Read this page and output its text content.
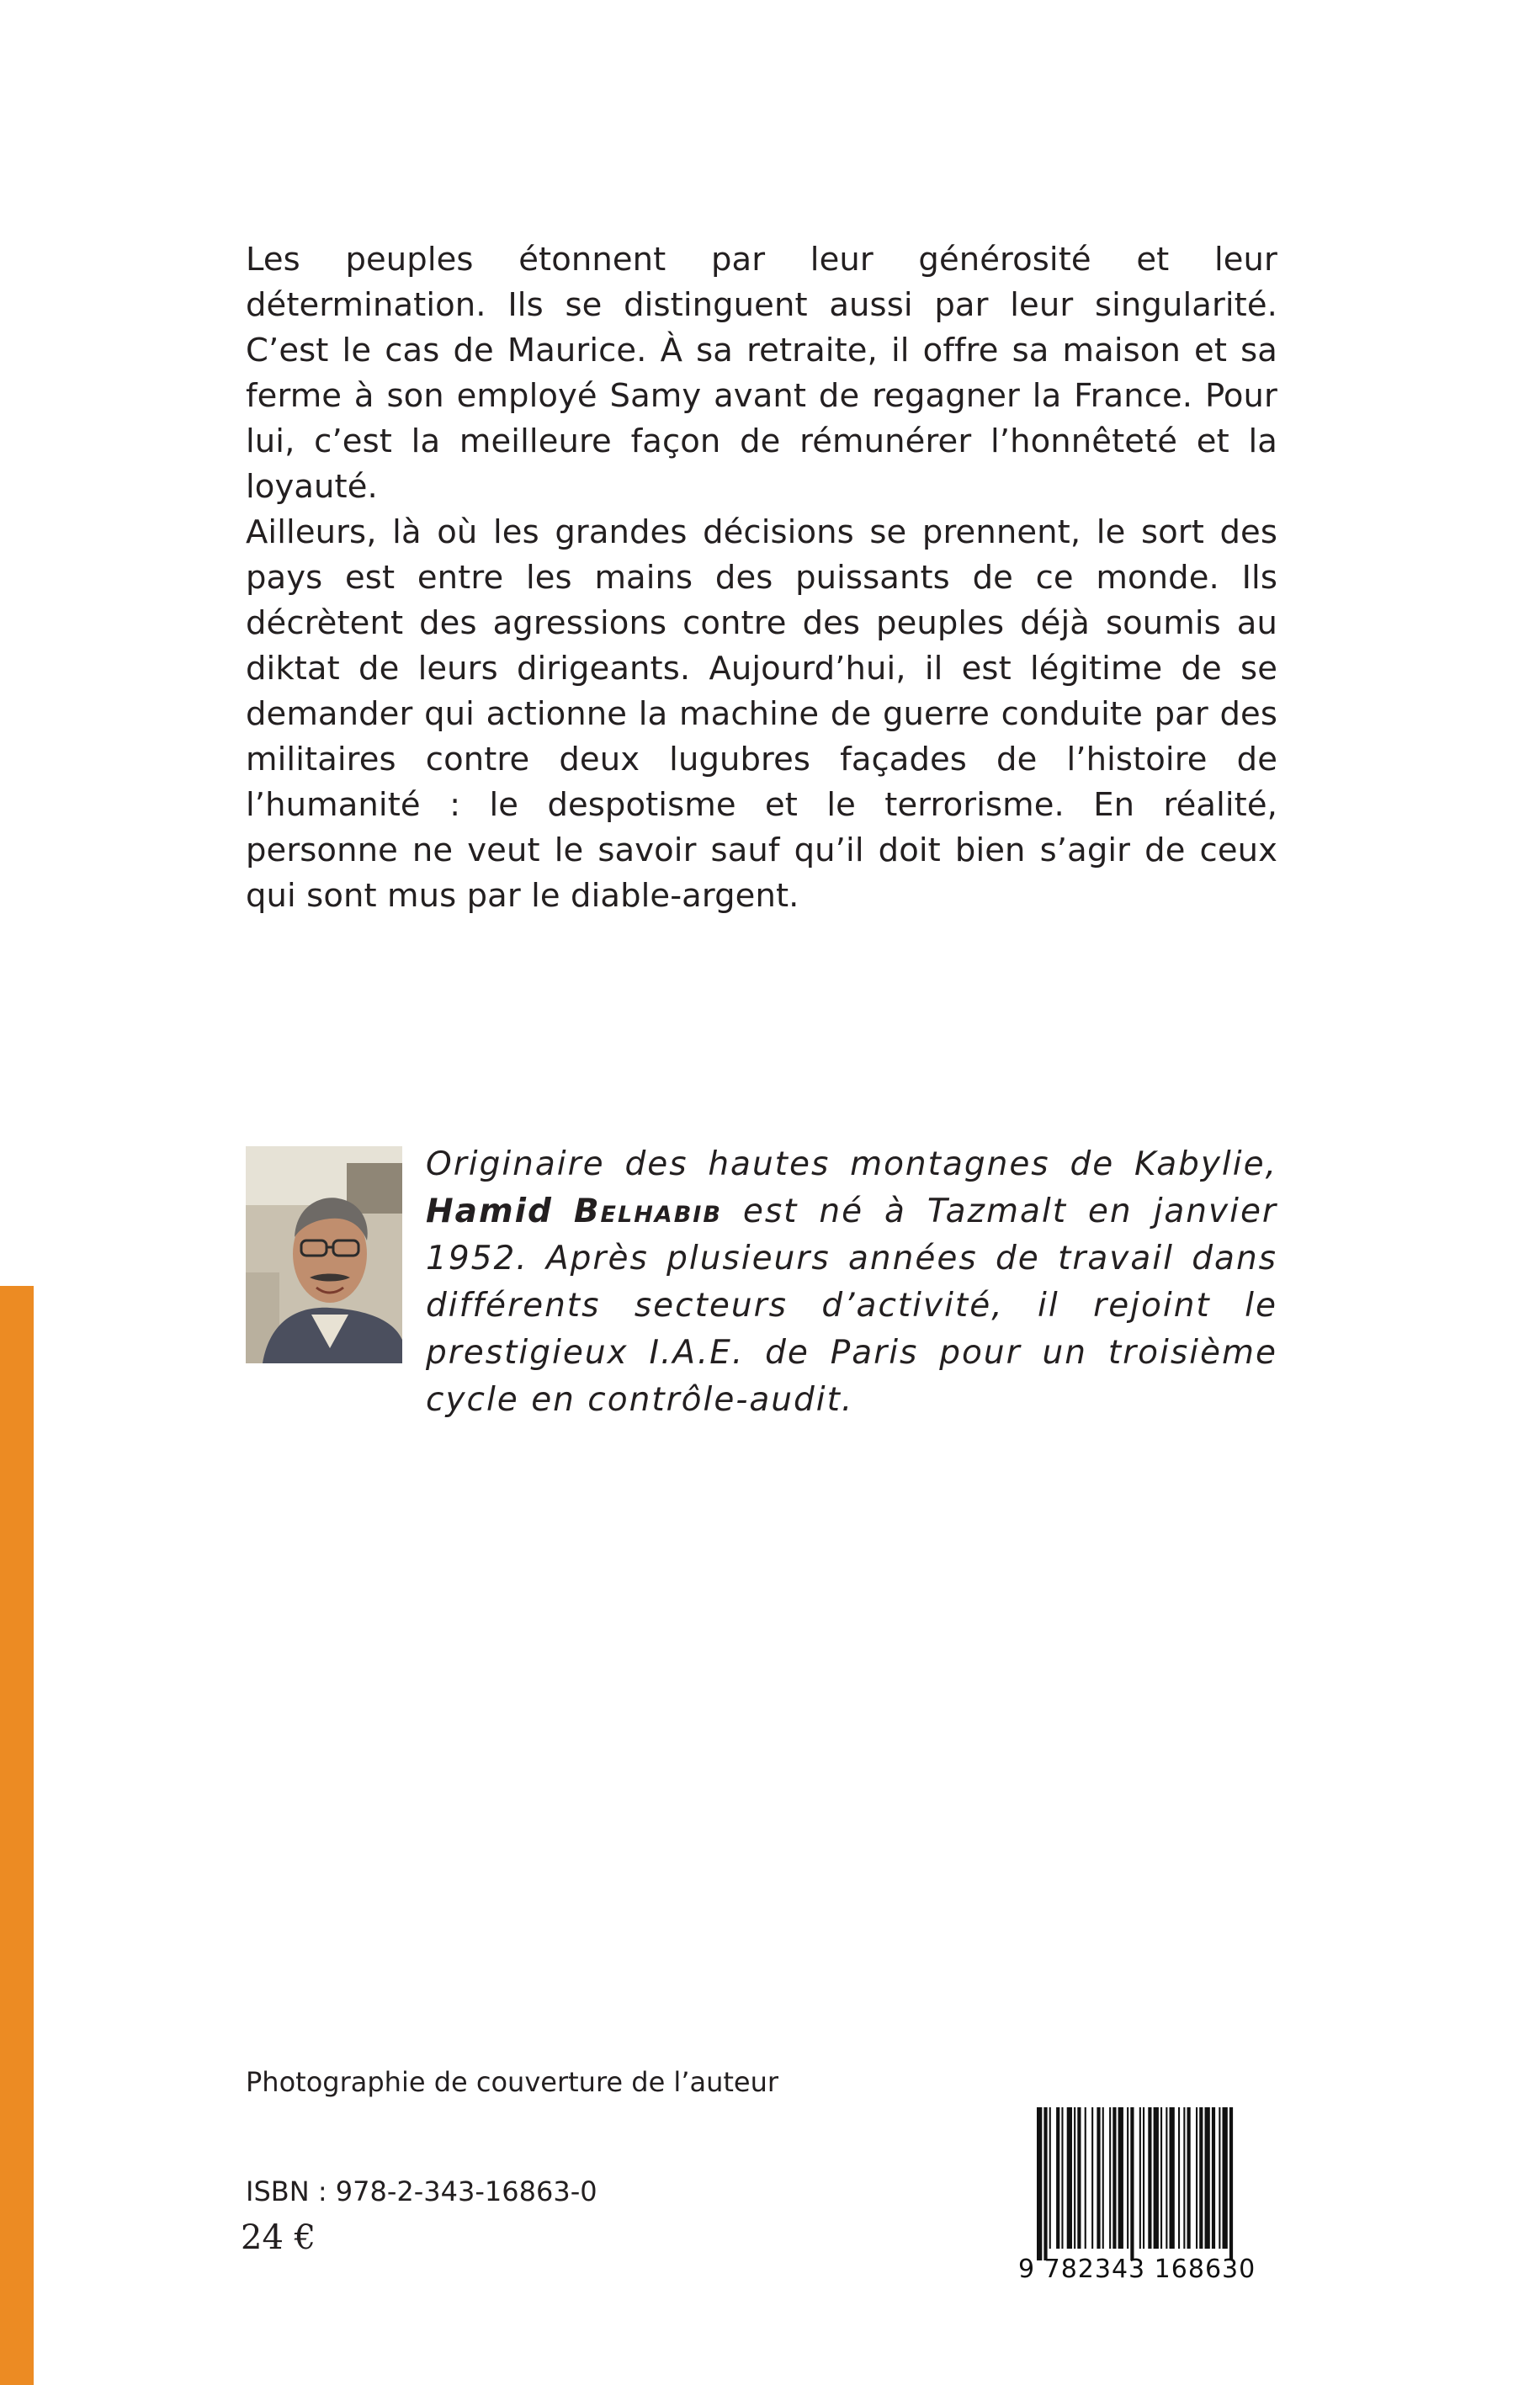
Les peuples étonnent par leur générosité et leur détermination. Ils se distinguent aussi par leur singularité. C’est le cas de Maurice. À sa retraite, il offre sa maison et sa ferme à son employé Samy avant de regagner la France. Pour lui, c’est la meilleure façon de rémunérer l’honnêteté et la loyauté.

Ailleurs, là où les grandes décisions se prennent, le sort des pays est entre les mains des puissants de ce monde. Ils décrètent des agressions contre des peuples déjà soumis au diktat de leurs dirigeants. Aujourd’hui, il est légitime de se demander qui actionne la machine de guerre conduite par des militaires contre deux lugubres façades de l’histoire de l’humanité : le despotisme et le terrorisme. En réalité, personne ne veut le savoir sauf qu’il doit bien s’agir de ceux qui sont mus par le diable-argent.

Originaire des hautes montagnes de Kabylie, Hamid Belhabib est né à Tazmalt en janvier 1952. Après plusieurs années de travail dans différents secteurs d’activité, il rejoint le prestigieux I.A.E. de Paris pour un troisième cycle en contrôle-audit.

Photographie de couverture de l’auteur
ISBN : 978-2-343-16863-0
24 €
9 782343 168630
